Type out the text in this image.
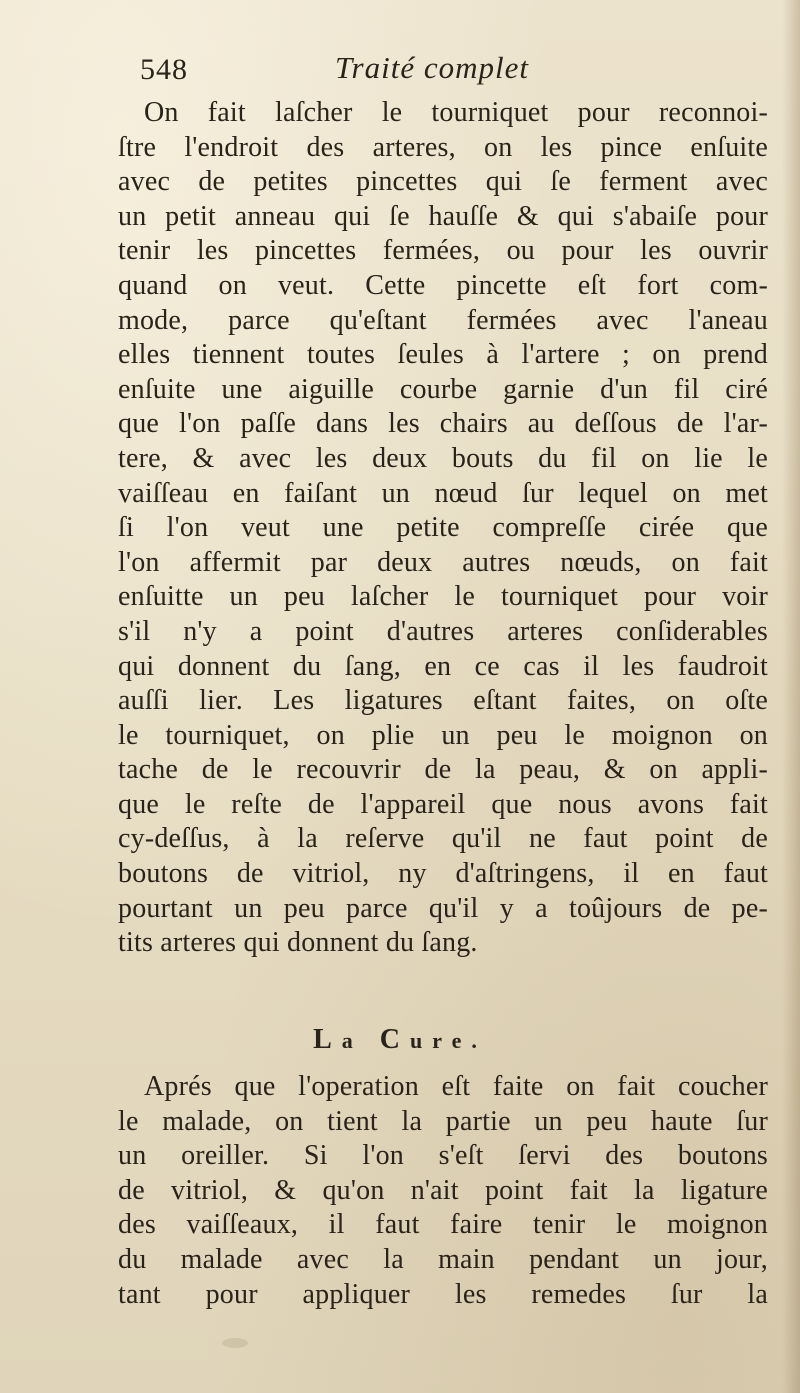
548	Traité complet
On fait laſcher le tourniquet pour reconnoi-
ſtre l'endroit des arteres, on les pince enſuite
avec de petites pincettes qui ſe ferment avec
un petit anneau qui ſe hauſſe & qui s'abaiſe pour
tenir les pincettes fermées, ou pour les ouvrir
quand on veut. Cette pincette eſt fort com-
mode, parce qu'eſtant fermées avec l'aneau
elles tiennent toutes ſeules à l'artere ; on prend
enſuite une aiguille courbe garnie d'un fil ciré
que l'on paſſe dans les chairs au deſſous de l'ar-
tere, & avec les deux bouts du fil on lie le
vaiſſeau en faiſant un nœud ſur lequel on met
ſi l'on veut une petite compreſſe cirée que
l'on affermit par deux autres nœuds, on fait
enſuitte un peu laſcher le tourniquet pour voir
s'il n'y a point d'autres arteres conſiderables
qui donnent du ſang, en ce cas il les faudroit
auſſi lier. Les ligatures eſtant faites, on oſte
le tourniquet, on plie un peu le moignon on
tache de le recouvrir de la peau, & on appli-
que le reſte de l'appareil que nous avons fait
cy-deſſus, à la reſerve qu'il ne faut point de
boutons de vitriol, ny d'aſtringens, il en faut
pourtant un peu parce qu'il y a toûjours de pe-
tits arteres qui donnent du ſang.
La Cure.
Aprés que l'operation eſt faite on fait coucher
le malade, on tient la partie un peu haute ſur
un oreiller. Si l'on s'eſt ſervi des boutons
de vitriol, & qu'on n'ait point fait la ligature
des vaiſſeaux, il faut faire tenir le moignon
du malade avec la main pendant un jour,
tant pour appliquer les remedes ſur la
